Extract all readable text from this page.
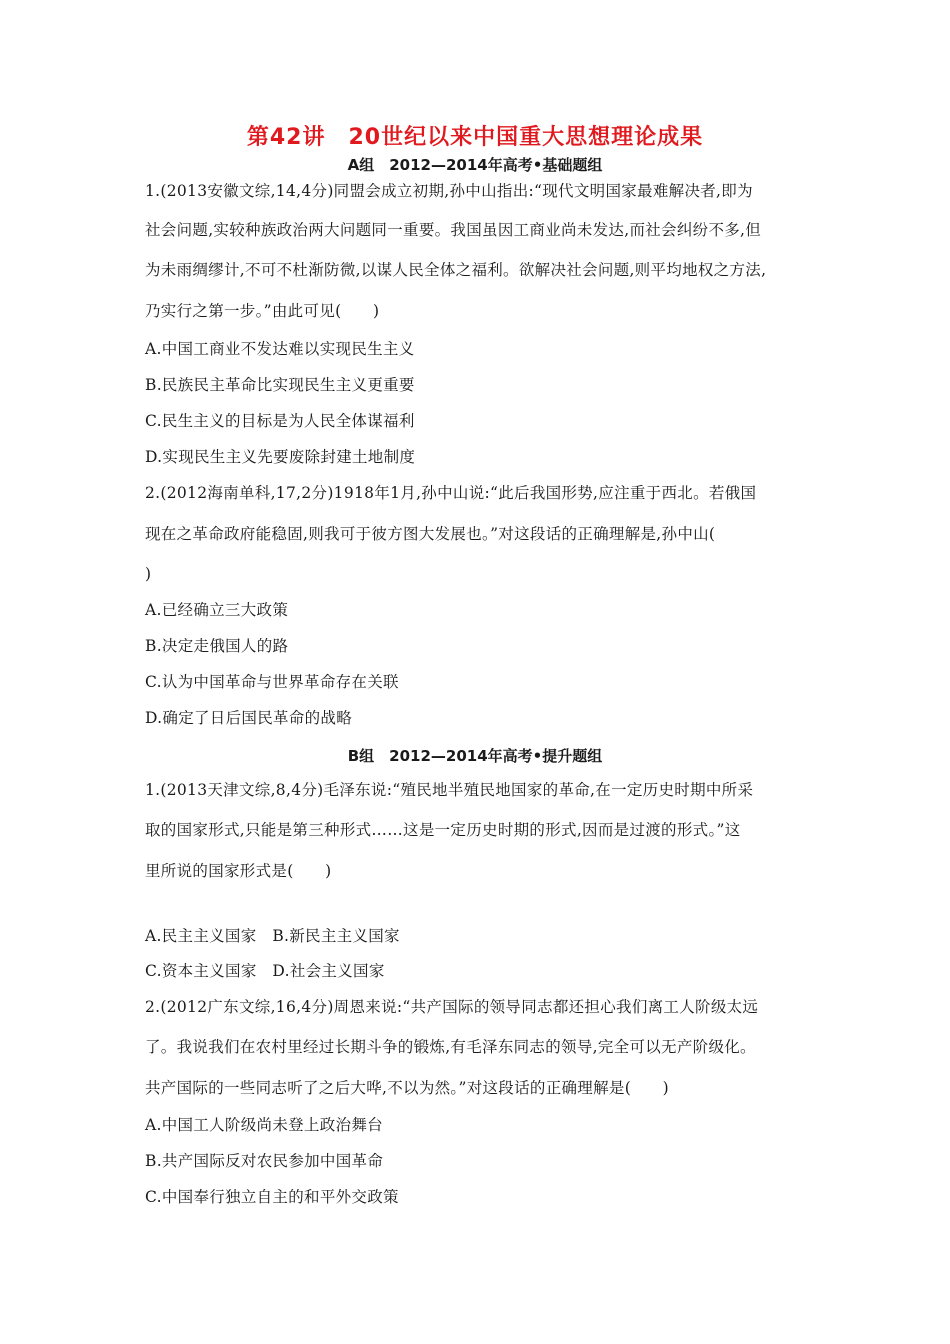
第42讲　20世纪以来中国重大思想理论成果
A组　2012—2014年高考•基础题组
1.(2013安徽文综,14,4分)同盟会成立初期,孙中山指出:“现代文明国家最难解决者,即为
社会问题,实较种族政治两大问题同一重要。我国虽因工商业尚未发达,而社会纠纷不多,但
为未雨绸缪计,不可不杜渐防微,以谋人民全体之福利。欲解决社会问题,则平均地权之方法,
乃实行之第一步。”由此可见(　　)
A.中国工商业不发达难以实现民生主义
B.民族民主革命比实现民生主义更重要
C.民生主义的目标是为人民全体谋福利
D.实现民生主义先要废除封建土地制度
2.(2012海南单科,17,2分)1918年1月,孙中山说:“此后我国形势,应注重于西北。若俄国
现在之革命政府能稳固,则我可于彼方图大发展也。”对这段话的正确理解是,孙中山(
)
A.已经确立三大政策
B.决定走俄国人的路
C.认为中国革命与世界革命存在关联
D.确定了日后国民革命的战略
B组　2012—2014年高考•提升题组
1.(2013天津文综,8,4分)毛泽东说:“殖民地半殖民地国家的革命,在一定历史时期中所采
取的国家形式,只能是第三种形式……这是一定历史时期的形式,因而是过渡的形式。”这
里所说的国家形式是(　　)
A.民主主义国家　B.新民主主义国家
C.资本主义国家　D.社会主义国家
2.(2012广东文综,16,4分)周恩来说:“共产国际的领导同志都还担心我们离工人阶级太远
了。我说我们在农村里经过长期斗争的锻炼,有毛泽东同志的领导,完全可以无产阶级化。
共产国际的一些同志听了之后大哗,不以为然。”对这段话的正确理解是(　　)
A.中国工人阶级尚未登上政治舞台
B.共产国际反对农民参加中国革命
C.中国奉行独立自主的和平外交政策
